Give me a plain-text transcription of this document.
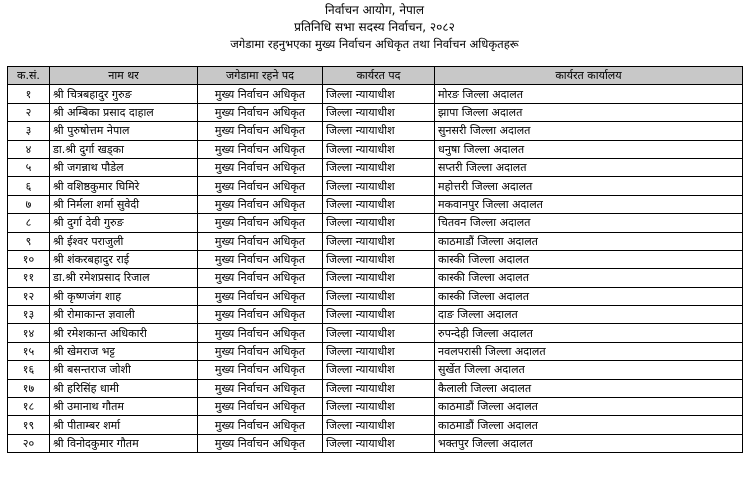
निर्वाचन आयोग, नेपाल
प्रतिनिधि सभा सदस्य निर्वाचन, २०८२
जगेडामा रहनुभएका मुख्य निर्वाचन अधिकृत तथा निर्वाचन अधिकृतहरू
क.सं.	नाम थर	जगेडामा रहने पद	कार्यरत पद	कार्यरत कार्यालय
१	श्री चित्रबहादुर गुरुङ	मुख्य निर्वाचन अधिकृत	जिल्ला न्यायाधीश	मोरङ जिल्ला अदालत
२	श्री अम्बिका प्रसाद दाहाल	मुख्य निर्वाचन अधिकृत	जिल्ला न्यायाधीश	झापा जिल्ला अदालत
३	श्री पुरुषोत्तम नेपाल	मुख्य निर्वाचन अधिकृत	जिल्ला न्यायाधीश	सुनसरी जिल्ला अदालत
४	डा.श्री दुर्गा खड्का	मुख्य निर्वाचन अधिकृत	जिल्ला न्यायाधीश	धनुषा जिल्ला अदालत
५	श्री जगन्नाथ पौडेल	मुख्य निर्वाचन अधिकृत	जिल्ला न्यायाधीश	सप्तरी जिल्ला अदालत
६	श्री वशिष्ठकुमार घिमिरे	मुख्य निर्वाचन अधिकृत	जिल्ला न्यायाधीश	महोत्तरी जिल्ला अदालत
७	श्री निर्मला शर्मा सुवेदी	मुख्य निर्वाचन अधिकृत	जिल्ला न्यायाधीश	मकवानपुर जिल्ला अदालत
८	श्री दुर्गा देवी गुरुङ	मुख्य निर्वाचन अधिकृत	जिल्ला न्यायाधीश	चितवन जिल्ला अदालत
९	श्री ईश्वर पराजुली	मुख्य निर्वाचन अधिकृत	जिल्ला न्यायाधीश	काठमाडौं जिल्ला अदालत
१०	श्री शंकरबहादुर राई	मुख्य निर्वाचन अधिकृत	जिल्ला न्यायाधीश	कास्की जिल्ला अदालत
११	डा.श्री रमेशप्रसाद रिजाल	मुख्य निर्वाचन अधिकृत	जिल्ला न्यायाधीश	कास्की जिल्ला अदालत
१२	श्री कृष्णजंग शाह	मुख्य निर्वाचन अधिकृत	जिल्ला न्यायाधीश	कास्की जिल्ला अदालत
१३	श्री रोमाकान्त ज्ञवाली	मुख्य निर्वाचन अधिकृत	जिल्ला न्यायाधीश	दाङ जिल्ला अदालत
१४	श्री रमेशकान्त अधिकारी	मुख्य निर्वाचन अधिकृत	जिल्ला न्यायाधीश	रुपन्देही जिल्ला अदालत
१५	श्री खेमराज भट्ट	मुख्य निर्वाचन अधिकृत	जिल्ला न्यायाधीश	नवलपरासी जिल्ला अदालत
१६	श्री बसन्तराज जोशी	मुख्य निर्वाचन अधिकृत	जिल्ला न्यायाधीश	सुर्खेत जिल्ला अदालत
१७	श्री हरिसिंह धामी	मुख्य निर्वाचन अधिकृत	जिल्ला न्यायाधीश	कैलाली जिल्ला अदालत
१८	श्री उमानाथ गौतम	मुख्य निर्वाचन अधिकृत	जिल्ला न्यायाधीश	काठमाडौं जिल्ला अदालत
१९	श्री पीताम्बर शर्मा	मुख्य निर्वाचन अधिकृत	जिल्ला न्यायाधीश	काठमाडौं जिल्ला अदालत
२०	श्री विनोदकुमार गौतम	मुख्य निर्वाचन अधिकृत	जिल्ला न्यायाधीश	भक्तपुर जिल्ला अदालत
